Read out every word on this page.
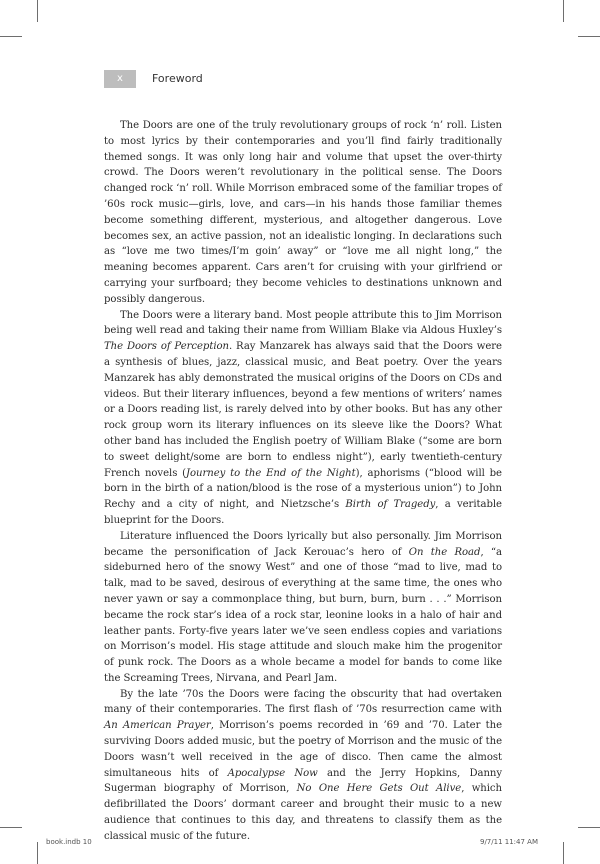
x	Foreword

The Doors are one of the truly revolutionary groups of rock ‘n’ roll. Listen to most lyrics by their contemporaries and you’ll find fairly traditionally themed songs. It was only long hair and volume that upset the over-thirty crowd. The Doors weren’t revolutionary in the political sense. The Doors changed rock ‘n’ roll. While Morrison embraced some of the familiar tropes of ’60s rock music—girls, love, and cars—in his hands those familiar themes become something different, mysterious, and altogether dangerous. Love becomes sex, an active passion, not an idealistic longing. In declarations such as “love me two times/I’m goin’ away” or “love me all night long,” the meaning becomes apparent. Cars aren’t for cruising with your girlfriend or carrying your surfboard; they become vehicles to destinations unknown and possibly dangerous.

The Doors were a literary band. Most people attribute this to Jim Morrison being well read and taking their name from William Blake via Aldous Huxley’s The Doors of Perception. Ray Manzarek has always said that the Doors were a synthesis of blues, jazz, classical music, and Beat poetry. Over the years Manzarek has ably demonstrated the musical origins of the Doors on CDs and videos. But their literary influences, beyond a few mentions of writers’ names or a Doors reading list, is rarely delved into by other books. But has any other rock group worn its literary influences on its sleeve like the Doors? What other band has included the English poetry of William Blake (“some are born to sweet delight/some are born to endless night”), early twentieth-century French novels (Journey to the End of the Night), aphorisms (“blood will be born in the birth of a nation/blood is the rose of a mysterious union”) to John Rechy and a city of night, and Nietzsche’s Birth of Tragedy, a veritable blueprint for the Doors.

Literature influenced the Doors lyrically but also personally. Jim Morrison became the personification of Jack Kerouac’s hero of On the Road, “a sideburned hero of the snowy West” and one of those “mad to live, mad to talk, mad to be saved, desirous of everything at the same time, the ones who never yawn or say a commonplace thing, but burn, burn, burn . . .” Morrison became the rock star’s idea of a rock star, leonine looks in a halo of hair and leather pants. Forty-five years later we’ve seen endless copies and variations on Morrison’s model. His stage attitude and slouch make him the progenitor of punk rock. The Doors as a whole became a model for bands to come like the Screaming Trees, Nirvana, and Pearl Jam.

By the late ’70s the Doors were facing the obscurity that had overtaken many of their contemporaries. The first flash of ’70s resurrection came with An American Prayer, Morrison’s poems recorded in ’69 and ’70. Later the surviving Doors added music, but the poetry of Morrison and the music of the Doors wasn’t well received in the age of disco. Then came the almost simultaneous hits of Apocalypse Now and the Jerry Hopkins, Danny Sugerman biography of Morrison, No One Here Gets Out Alive, which defibrillated the Doors’ dormant career and brought their music to a new audience that continues to this day, and threatens to classify them as the classical music of the future.

book.indb 10	9/7/11 11:47 AM
